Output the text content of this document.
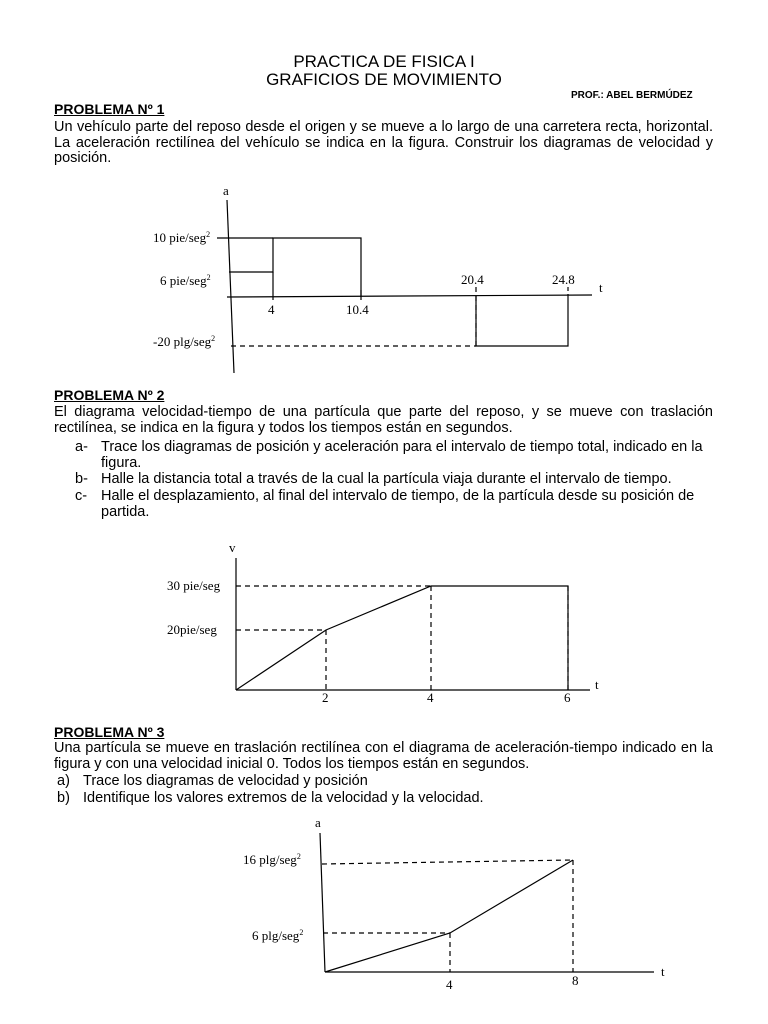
PRACTICA DE FISICA I
GRAFICIOS DE MOVIMIENTO
PROF.: ABEL BERMÚDEZ
PROBLEMA Nº 1

Un vehículo parte del reposo desde el origen y se mueve a lo largo de una carretera recta, horizontal. La aceleración rectilínea del vehículo se indica en la figura. Construir los diagramas de velocidad y posición.

PROBLEMA Nº 2

El diagrama velocidad-tiempo de una partícula que parte del reposo, y se mueve con traslación rectilínea, se indica en la figura y todos los tiempos están en segundos.

a- Trace los diagramas de posición y aceleración para el intervalo de tiempo total, indicado en la figura.

b- Halle la distancia total a través de la cual la partícula viaja durante el intervalo de tiempo.

c- Halle el desplazamiento, al final del intervalo de tiempo, de la partícula desde su posición de partida.

PROBLEMA Nº 3

Una partícula se mueve en traslación rectilínea con el diagrama de aceleración-tiempo indicado en la figura y con una velocidad inicial 0. Todos los tiempos están en segundos.

a) Trace los diagramas de velocidad y posición

b) Identifique los valores extremos de la velocidad y la velocidad.

a
t
10 pie/seg$^2$
6 pie/seg$^2$
-20 plg/seg$^2$
4	10.4
20.4	24.8
v
t
30 pie/seg
20pie/seg
2	4	6
a
t
16 plg/seg$^2$
6 plg/seg$^2$
4	8
